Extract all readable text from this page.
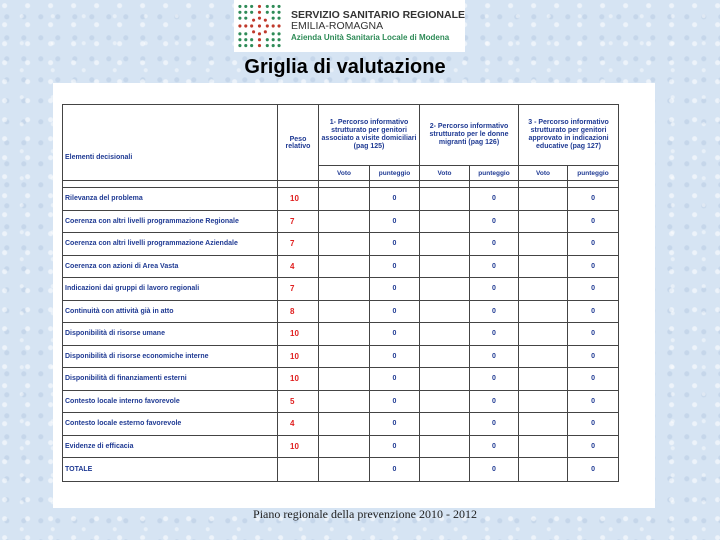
SERVIZIO SANITARIO REGIONALE
EMILIA-ROMAGNA
Azienda Unità Sanitaria Locale di Modena
Griglia di valutazione
Elementi decisionali	Peso relativo	1- Percorso informativo strutturato per genitori associato a visite domiciliari (pag 125)		2- Percorso informativo strutturato per le donne migranti (pag 126)		3 - Percorso informativo strutturato per genitori approvato in indicazioni educative (pag 127)	
		Voto	punteggio	Voto	punteggio	Voto	punteggio

Rilevanza del problema	10		0		0		0
Coerenza con altri livelli programmazione Regionale	7		0		0		0
Coerenza con altri livelli programmazione Aziendale	7		0		0		0
Coerenza con azioni di Area Vasta	4		0		0		0
Indicazioni dai gruppi di lavoro regionali	7		0		0		0
Continuità con attività già in atto	8		0		0		0
Disponibilità di risorse umane	10		0		0		0
Disponibilità di risorse economiche interne	10		0		0		0
Disponibilità di finanziamenti esterni	10		0		0		0
Contesto locale interno favorevole	5		0		0		0
Contesto locale esterno favorevole	4		0		0		0
Evidenze di efficacia	10		0		0		0
TOTALE			0		0		0
Piano regionale della prevenzione 2010 - 2012
